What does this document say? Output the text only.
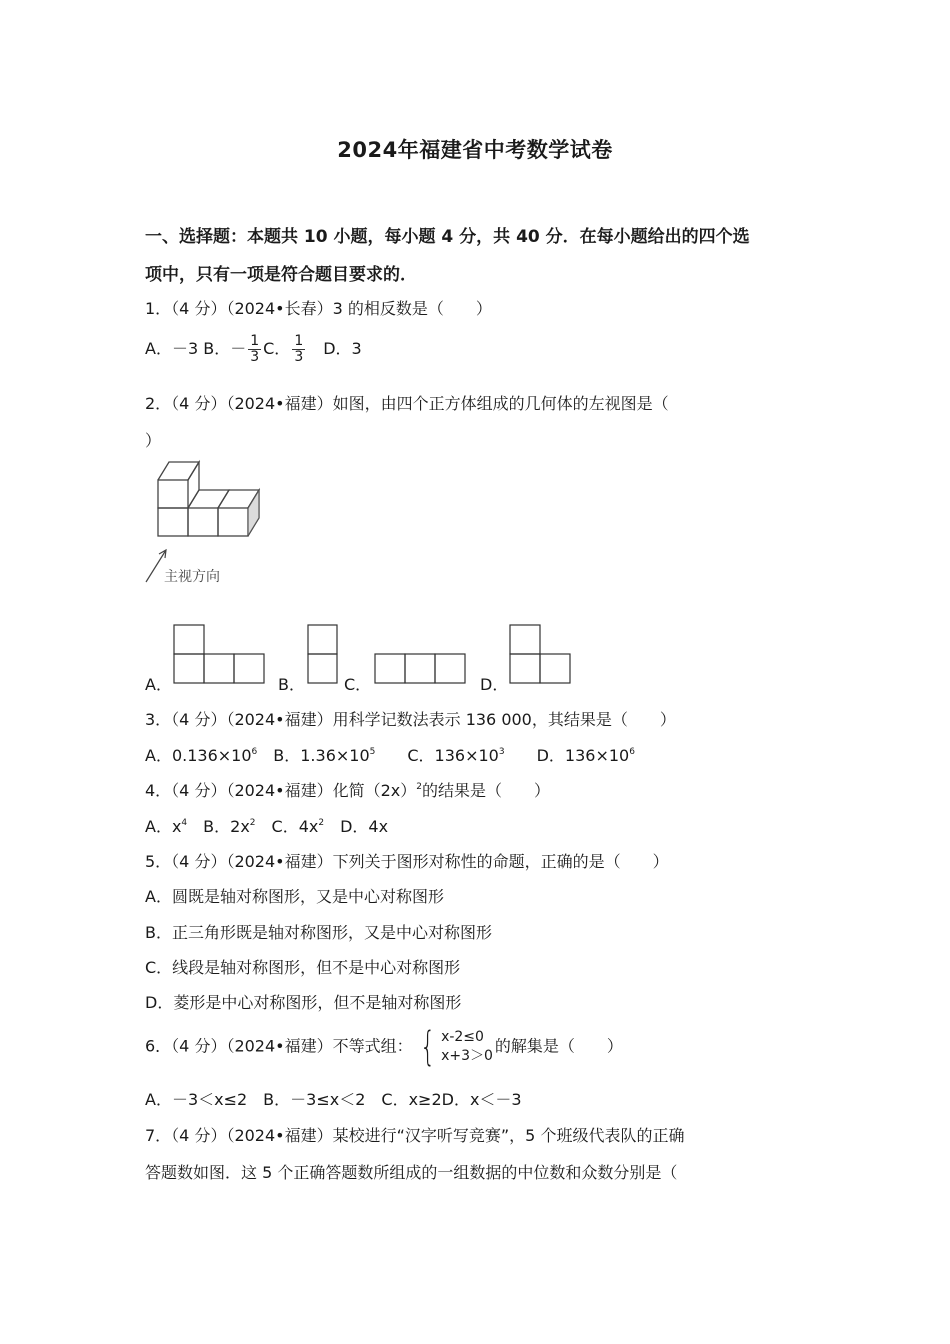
2024年福建省中考数学试卷
一、选择题：本题共 10 小题，每小题 4 分，共 40 分．在每小题给出的四个选
项中，只有一项是符合题目要求的．
1．（4 分）（2024•长春）3 的相反数是（　　）
A．－3 B．－ $\frac{1}{3}$ C． $\frac{1}{3}$ 　D．3
2．（4 分）（2024•福建）如图，由四个正方体组成的几何体的左视图是（
）
主视方向
A．	B． C．	D．
3．（4 分）（2024•福建）用科学记数法表示 136 000，其结果是（　　）
A．$0.136\times 10^6$　B．$1.36\times 10^5$　　C．$136\times 10^3$　　D．$136\times 10^6$
4．（4 分）（2024•福建）化简$(2x)^2$的结果是（　　）
A．$x^4$　B．$2x^2$　C．$4x^2$　D．4x
5．（4 分）（2024•福建）下列关于图形对称性的命题，正确的是（　　）
A．圆既是轴对称图形，又是中心对称图形
B．正三角形既是轴对称图形，又是中心对称图形
C．线段是轴对称图形，但不是中心对称图形
D．菱形是中心对称图形，但不是轴对称图形
6．（4 分）（2024•福建）不等式组： { x-2≤0
x+3＞0
的解集是（　　）
A．－3＜x≤2　B．－3≤x＜2　C．x≥2D．x＜－3
7．（4 分）（2024•福建）某校进行“汉字听写竞赛”，5 个班级代表队的正确
答题数如图．这 5 个正确答题数所组成的一组数据的中位数和众数分别是（
